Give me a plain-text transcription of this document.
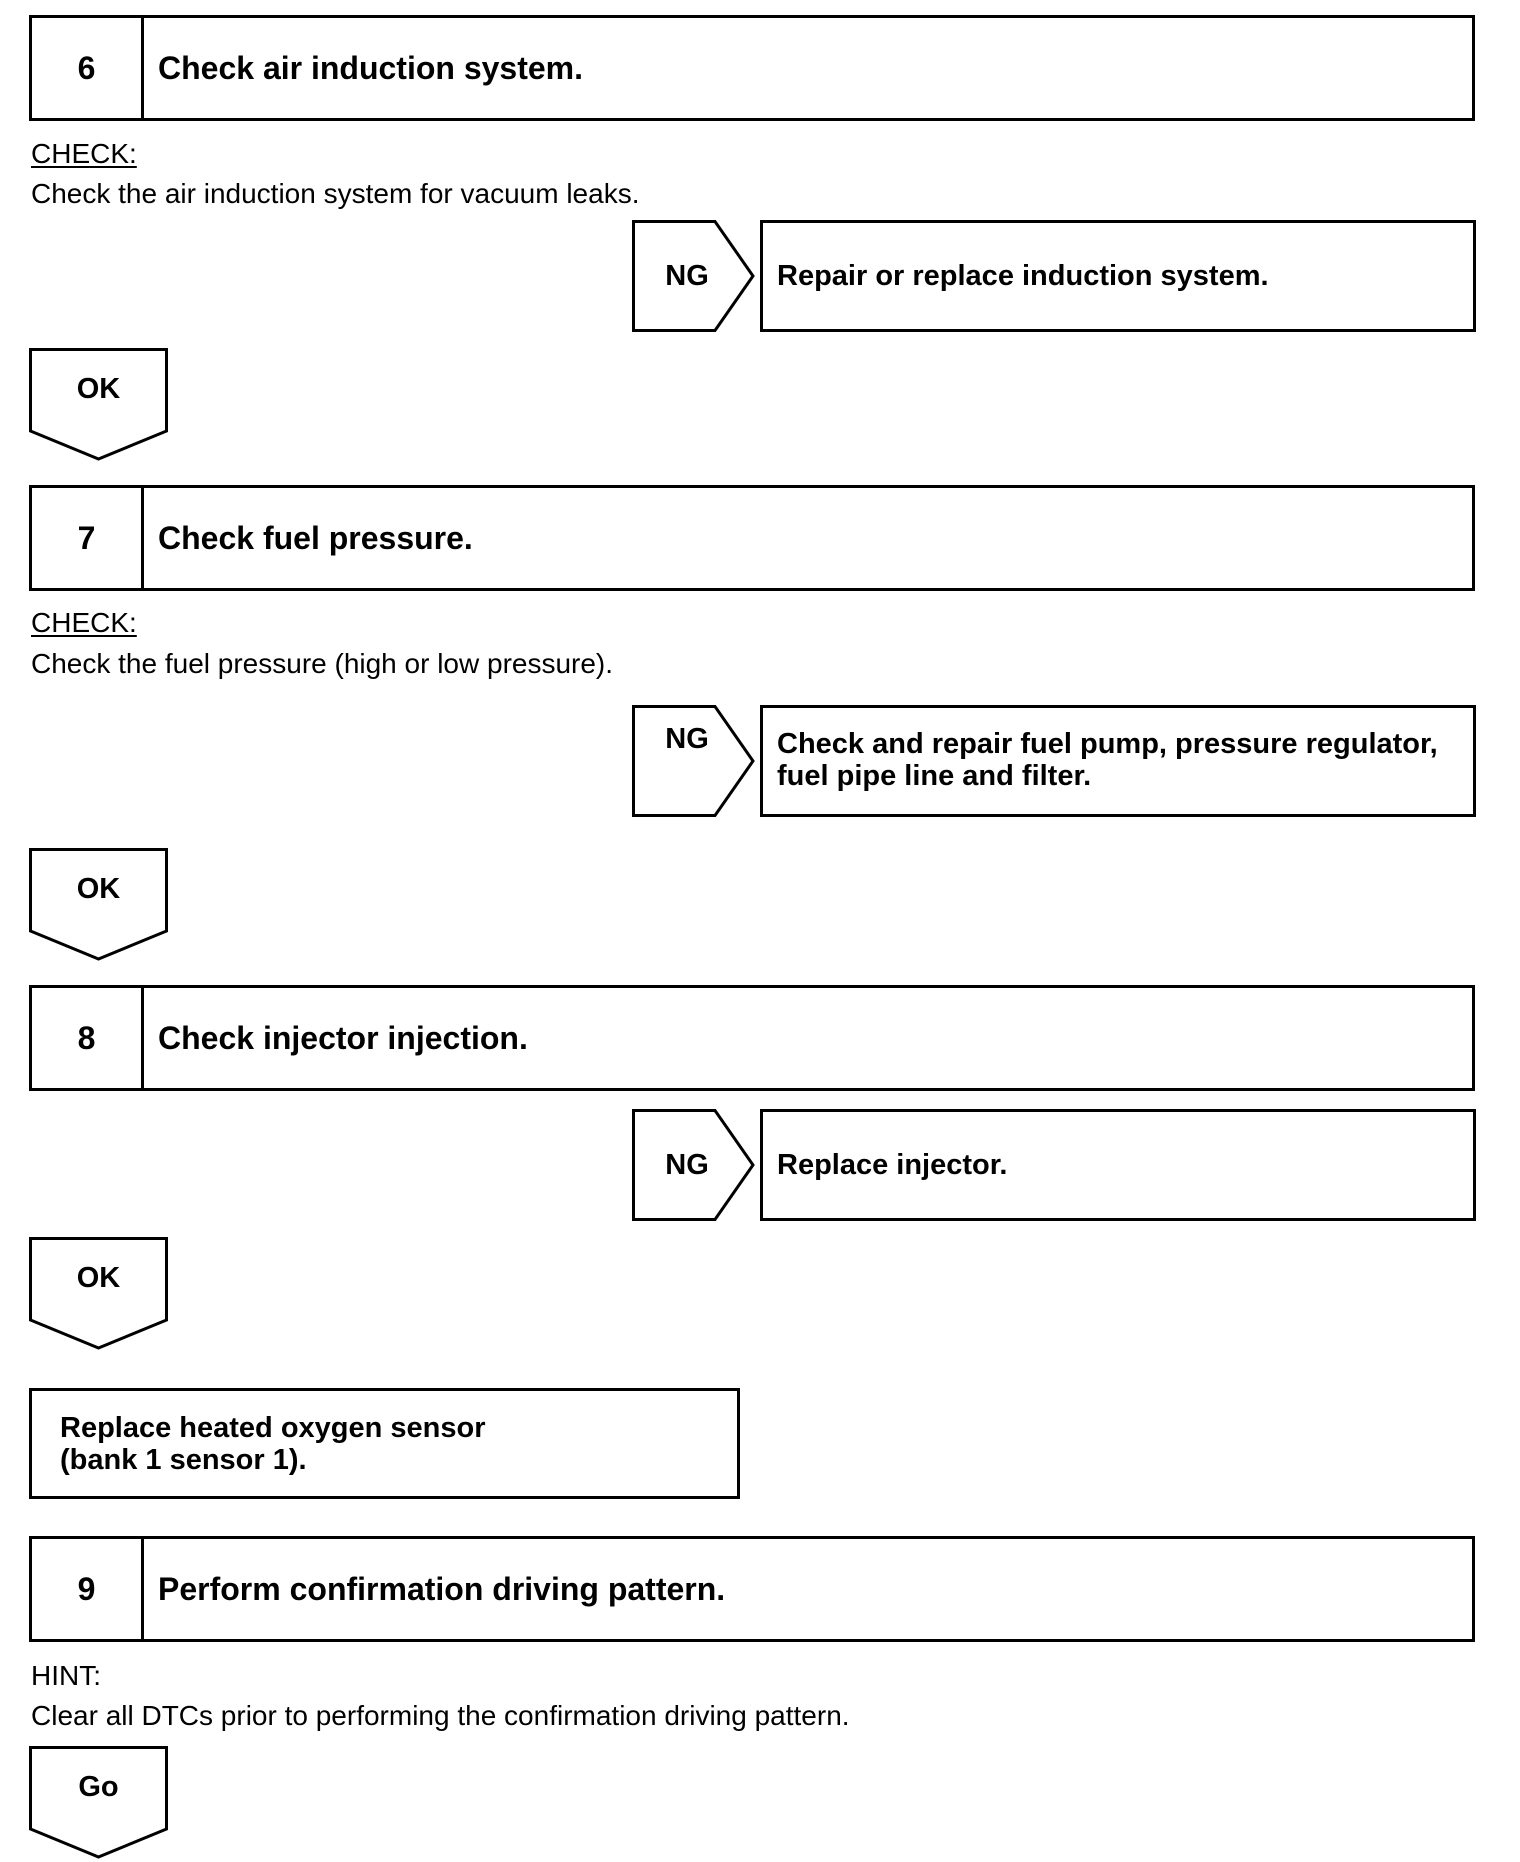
6	Check air induction system.
CHECK:
Check the air induction system for vacuum leaks.
NG	Repair or replace induction system.
OK
7	Check fuel pressure.
CHECK:
Check the fuel pressure (high or low pressure).
NG	Check and repair fuel pump, pressure regulator,
fuel pipe line and filter.
OK
8	Check injector injection.
NG	Replace injector.
OK
Replace heated oxygen sensor
(bank 1 sensor 1).
9	Perform confirmation driving pattern.
HINT:
Clear all DTCs prior to performing the confirmation driving pattern.
Go
